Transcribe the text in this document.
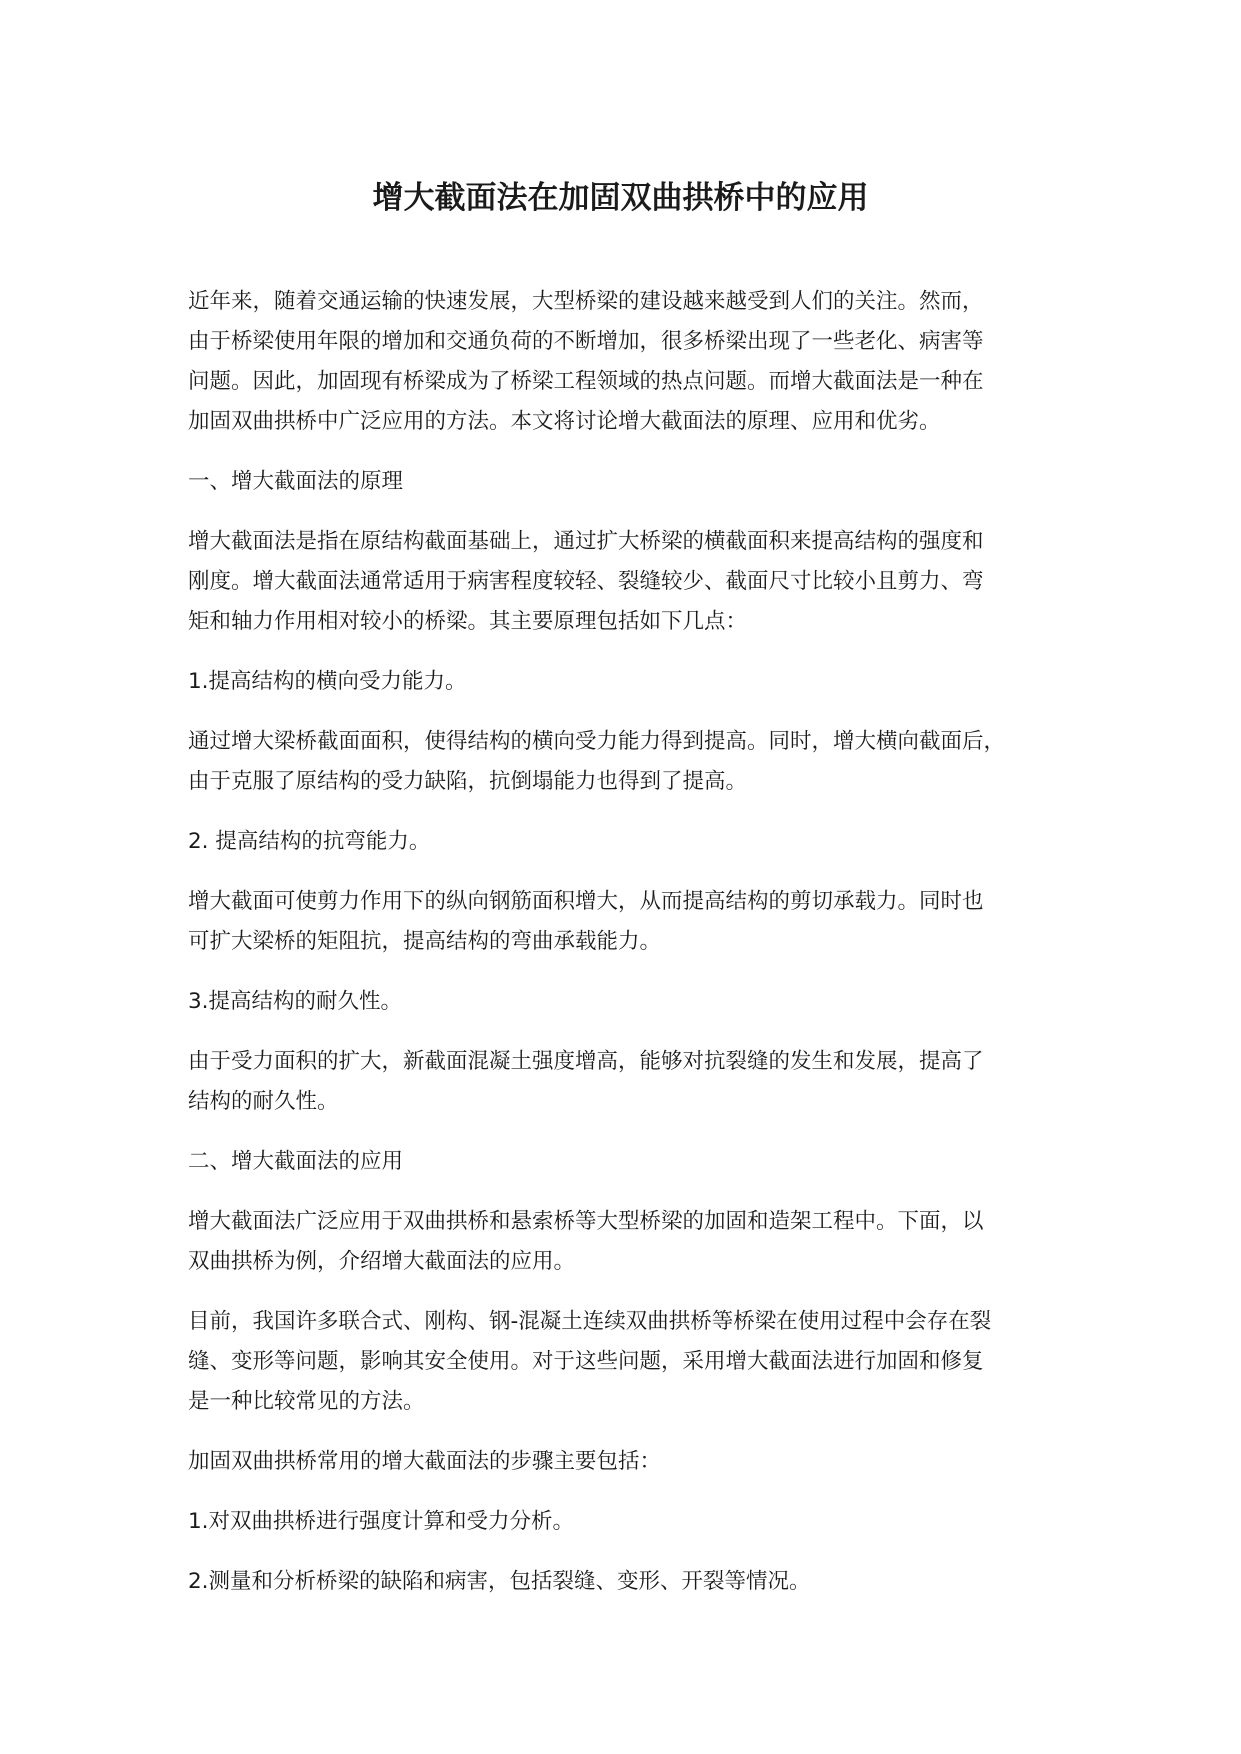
增大截面法在加固双曲拱桥中的应用

近年来，随着交通运输的快速发展，大型桥梁的建设越来越受到人们的关注。然而，
由于桥梁使用年限的增加和交通负荷的不断增加，很多桥梁出现了一些老化、病害等
问题。因此，加固现有桥梁成为了桥梁工程领域的热点问题。而增大截面法是一种在
加固双曲拱桥中广泛应用的方法。本文将讨论增大截面法的原理、应用和优劣。

一、增大截面法的原理

增大截面法是指在原结构截面基础上，通过扩大桥梁的横截面积来提高结构的强度和
刚度。增大截面法通常适用于病害程度较轻、裂缝较少、截面尺寸比较小且剪力、弯
矩和轴力作用相对较小的桥梁。其主要原理包括如下几点：

1.提高结构的横向受力能力。

通过增大梁桥截面面积，使得结构的横向受力能力得到提高。同时，增大横向截面后，
由于克服了原结构的受力缺陷，抗倒塌能力也得到了提高。

2. 提高结构的抗弯能力。

增大截面可使剪力作用下的纵向钢筋面积增大，从而提高结构的剪切承载力。同时也
可扩大梁桥的矩阻抗，提高结构的弯曲承载能力。

3.提高结构的耐久性。

由于受力面积的扩大，新截面混凝土强度增高，能够对抗裂缝的发生和发展，提高了
结构的耐久性。

二、增大截面法的应用

增大截面法广泛应用于双曲拱桥和悬索桥等大型桥梁的加固和造架工程中。下面，以
双曲拱桥为例，介绍增大截面法的应用。

目前，我国许多联合式、刚构、钢-混凝土连续双曲拱桥等桥梁在使用过程中会存在裂
缝、变形等问题，影响其安全使用。对于这些问题，采用增大截面法进行加固和修复
是一种比较常见的方法。

加固双曲拱桥常用的增大截面法的步骤主要包括：

1.对双曲拱桥进行强度计算和受力分析。

2.测量和分析桥梁的缺陷和病害，包括裂缝、变形、开裂等情况。
